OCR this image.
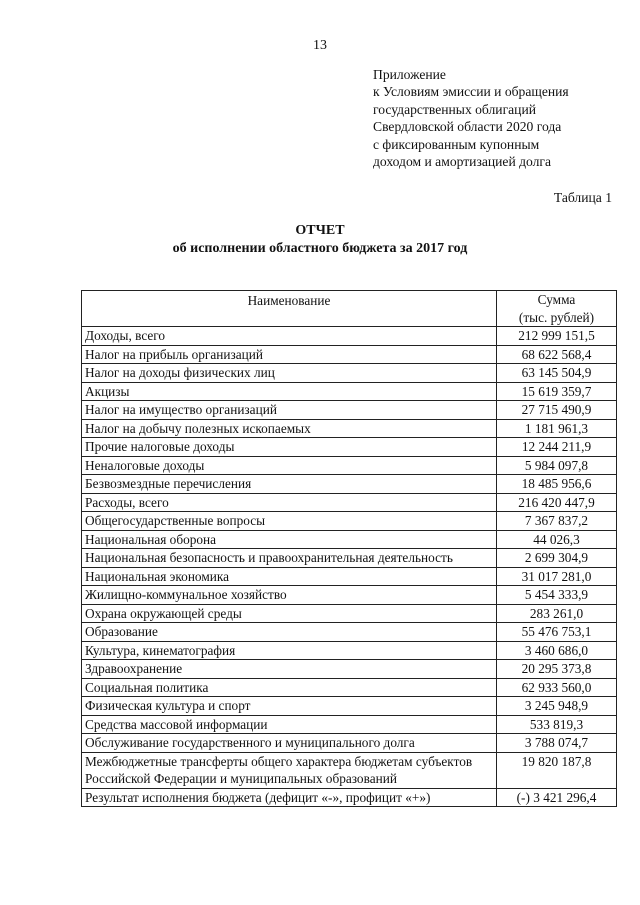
13
Приложение
к Условиям эмиссии и обращения
государственных облигаций
Свердловской области 2020 года
с фиксированным купонным
доходом и амортизацией долга
Таблица 1
ОТЧЕТ
об исполнении областного бюджета за 2017 год
Наименование	Сумма
(тыс. рублей)

Доходы, всего	212 999 151,5
Налог на прибыль организаций	68 622 568,4
Налог на доходы физических лиц	63 145 504,9
Акцизы	15 619 359,7
Налог на имущество организаций	27 715 490,9
Налог на добычу полезных ископаемых	1 181 961,3
Прочие налоговые доходы	12 244 211,9
Неналоговые доходы	5 984 097,8
Безвозмездные перечисления	18 485 956,6
Расходы, всего	216 420 447,9
Общегосударственные вопросы	7 367 837,2
Национальная оборона	44 026,3
Национальная безопасность и правоохранительная деятельность	2 699 304,9
Национальная экономика	31 017 281,0
Жилищно-коммунальное хозяйство	5 454 333,9
Охрана окружающей среды	283 261,0
Образование	55 476 753,1
Культура, кинематография	3 460 686,0
Здравоохранение	20 295 373,8
Социальная политика	62 933 560,0
Физическая культура и спорт	3 245 948,9
Средства массовой информации	533 819,3
Обслуживание государственного и муниципального долга	3 788 074,7
Межбюджетные трансферты общего характера бюджетам субъектов Российской Федерации и муниципальных образований	19 820 187,8
Результат исполнения бюджета (дефицит «-», профицит «+»)	(-) 3 421 296,4
